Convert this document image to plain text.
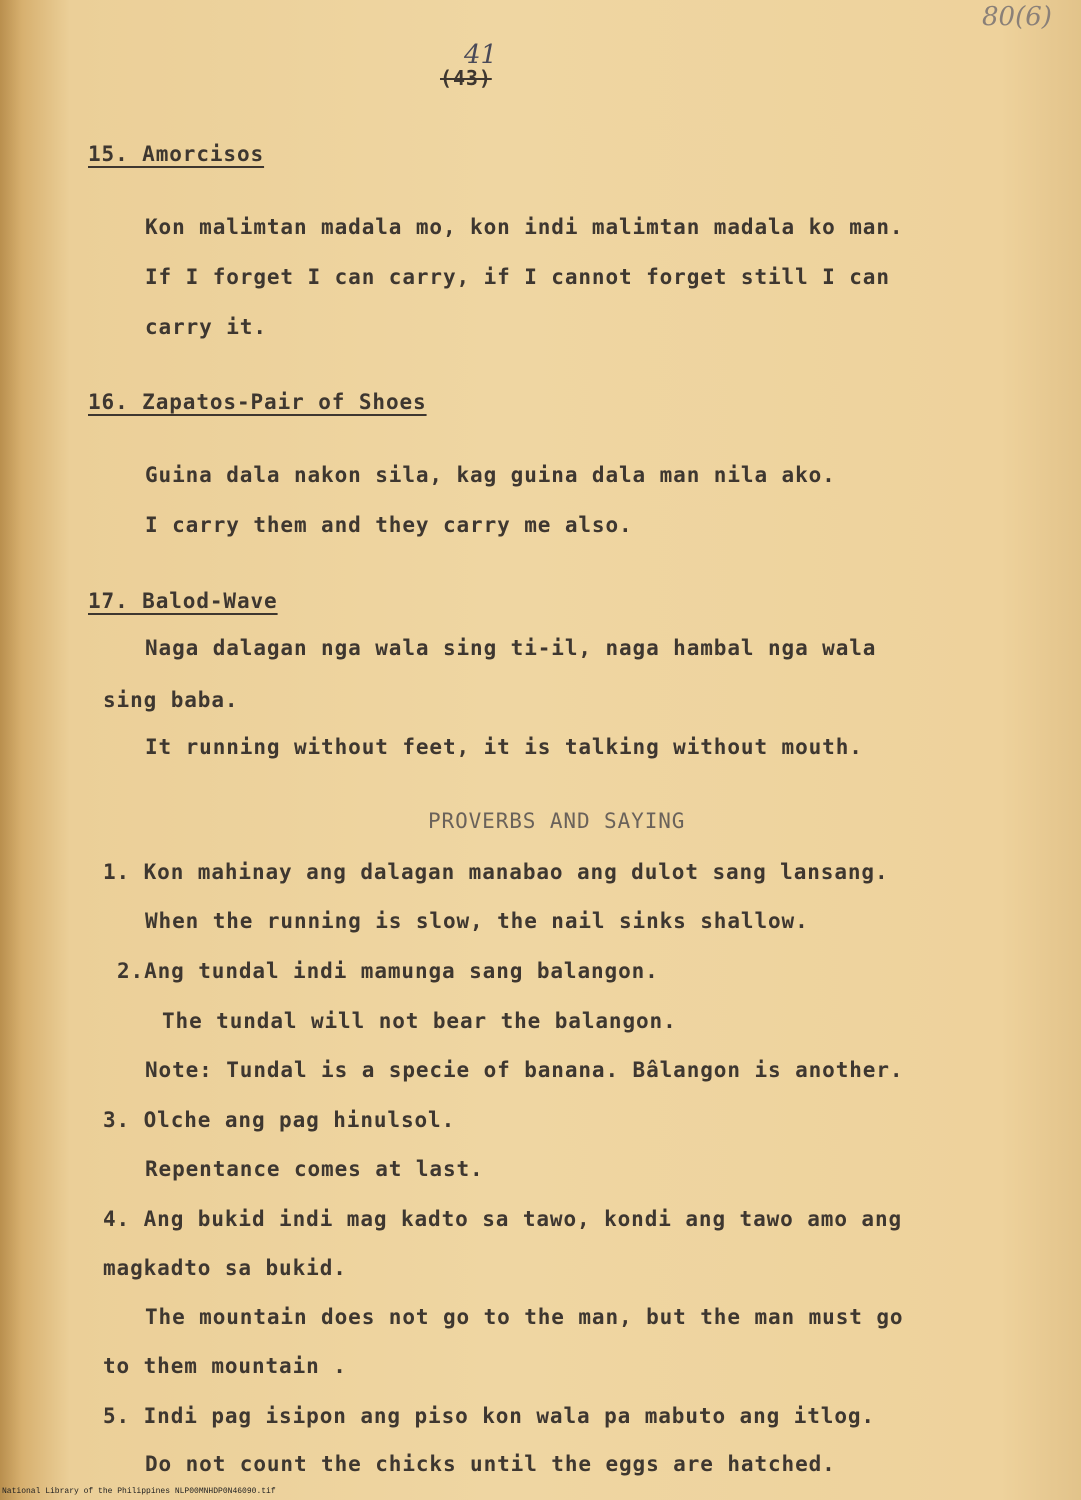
80(6)
41
(43)
15. Amorcisos
Kon malimtan madala mo, kon indi malimtan madala ko man.
If I forget I can carry, if I cannot forget still I can
carry it.
16. Zapatos-Pair of Shoes
Guina dala nakon sila, kag guina dala man nila ako.
I carry them and they carry me also.
17. Balod-Wave
Naga dalagan nga wala sing ti-il, naga hambal nga wala
sing baba.
It running without feet, it is talking without mouth.
PROVERBS AND SAYING
1. Kon mahinay ang dalagan manabao ang dulot sang lansang.
When the running is slow, the nail sinks shallow.
2.Ang tundal indi mamunga sang balangon.
The tundal will not bear the balangon.
Note: Tundal is a specie of banana. Bâlangon is another.
3. Olche ang pag hinulsol.
Repentance comes at last.
4. Ang bukid indi mag kadto sa tawo, kondi ang tawo amo ang
magkadto sa bukid.
The mountain does not go to the man, but the man must go
to them mountain .
5. Indi pag isipon ang piso kon wala pa mabuto ang itlog.
Do not count the chicks until the eggs are hatched.
National Library of the Philippines NLP00MNHDP0N46090.tif
